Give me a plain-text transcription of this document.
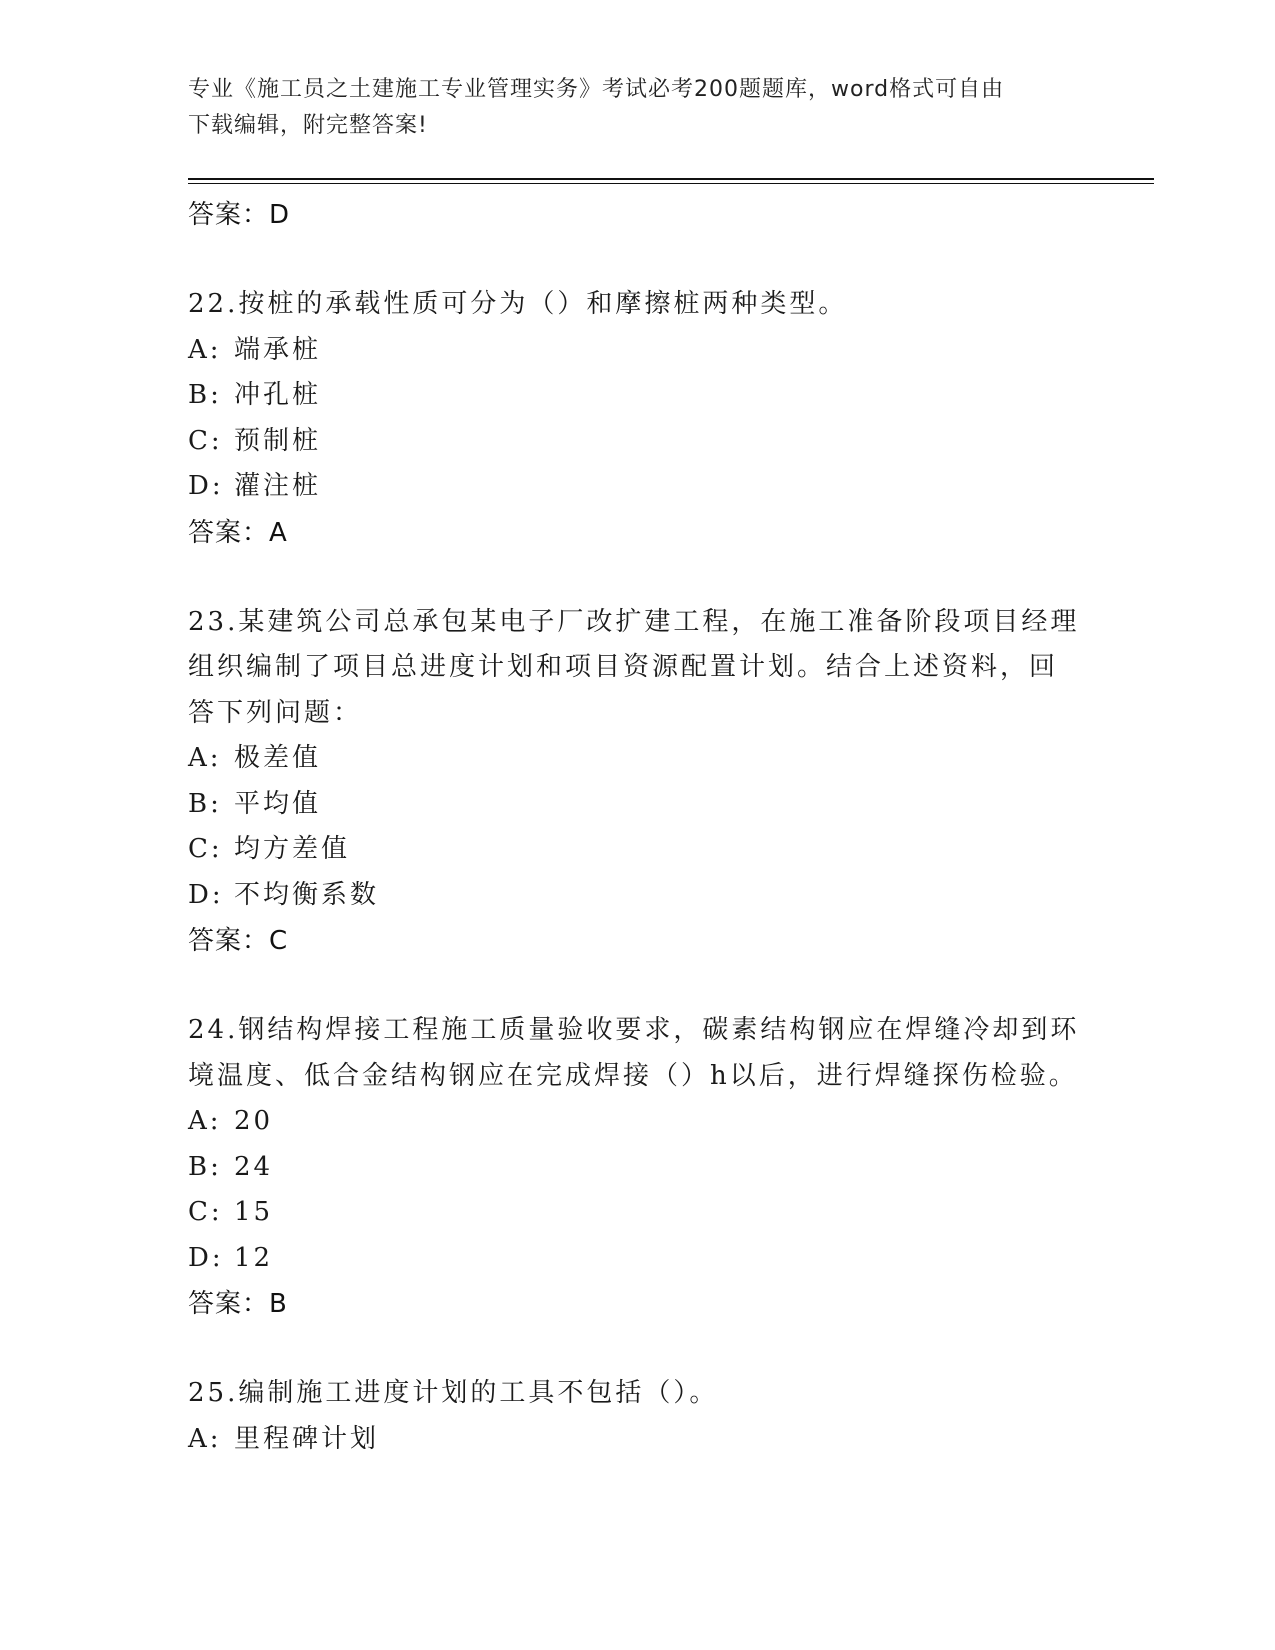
专业《施工员之土建施工专业管理实务》考试必考200题题库，word格式可自由
下载编辑，附完整答案!
答案：D
22.按桩的承载性质可分为（）和摩擦桩两种类型。
A: 端承桩
B: 冲孔桩
C: 预制桩
D: 灌注桩
答案：A
23.某建筑公司总承包某电子厂改扩建工程，在施工准备阶段项目经理
组织编制了项目总进度计划和项目资源配置计划。结合上述资料，回
答下列问题：
A: 极差值
B: 平均值
C: 均方差值
D: 不均衡系数
答案：C
24.钢结构焊接工程施工质量验收要求，碳素结构钢应在焊缝冷却到环
境温度、低合金结构钢应在完成焊接（）h以后，进行焊缝探伤检验。
A: 20
B: 24
C: 15
D: 12
答案：B
25.编制施工进度计划的工具不包括（）。
A: 里程碑计划
